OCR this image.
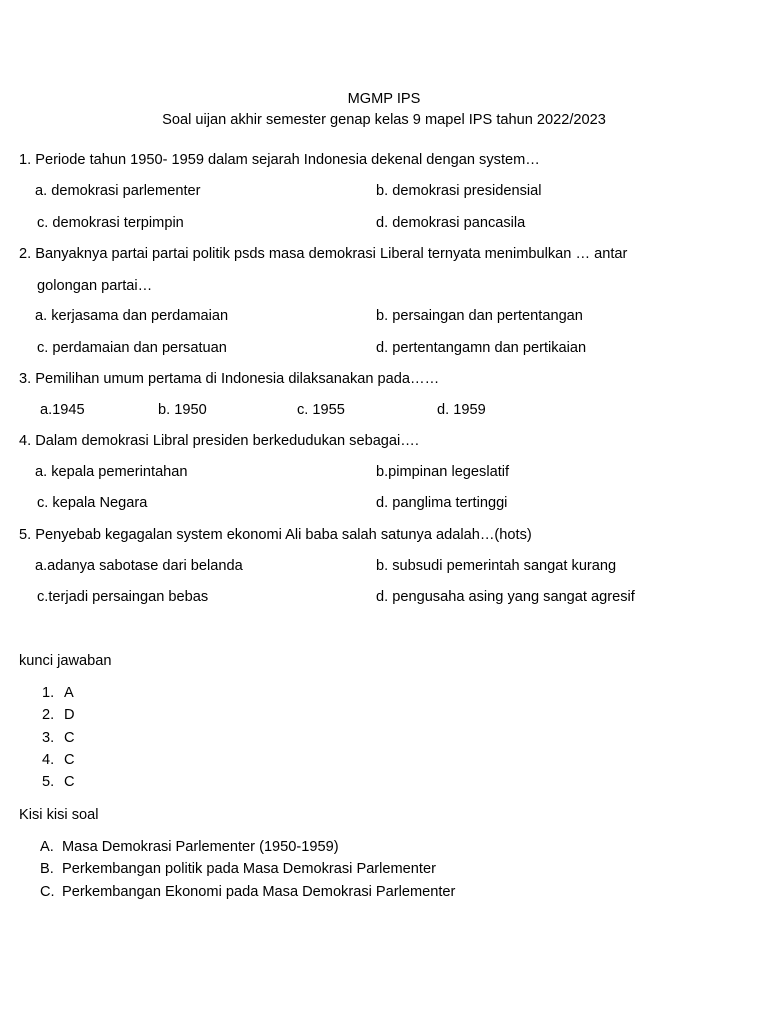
MGMP IPS
Soal uijan akhir semester genap kelas 9 mapel IPS tahun 2022/2023
1. Periode tahun 1950- 1959 dalam sejarah Indonesia dekenal dengan system…
a. demokrasi parlementer	b. demokrasi presidensial
c. demokrasi terpimpin	d. demokrasi pancasila
2. Banyaknya partai partai politik psds masa demokrasi Liberal ternyata menimbulkan … antar
golongan partai…
a. kerjasama dan perdamaian	b. persaingan dan pertentangan
c. perdamaian dan persatuan	d. pertentangamn dan pertikaian
3. Pemilihan umum pertama di Indonesia dilaksanakan pada……
a.1945	b. 1950	c. 1955	d. 1959
4. Dalam demokrasi Libral presiden berkedudukan sebagai….
a. kepala pemerintahan	b.pimpinan legeslatif
c. kepala Negara	d. panglima tertinggi
5. Penyebab kegagalan system ekonomi Ali baba salah satunya adalah…(hots)
a.adanya sabotase dari belanda	b. subsudi pemerintah sangat kurang
c.terjadi persaingan bebas	d. pengusaha asing yang sangat agresif
kunci jawaban
1. A
2. D
3. C
4. C
5. C
Kisi kisi soal
A. Masa Demokrasi Parlementer (1950-1959)
B. Perkembangan politik pada Masa Demokrasi Parlementer
C. Perkembangan Ekonomi pada Masa Demokrasi Parlementer
